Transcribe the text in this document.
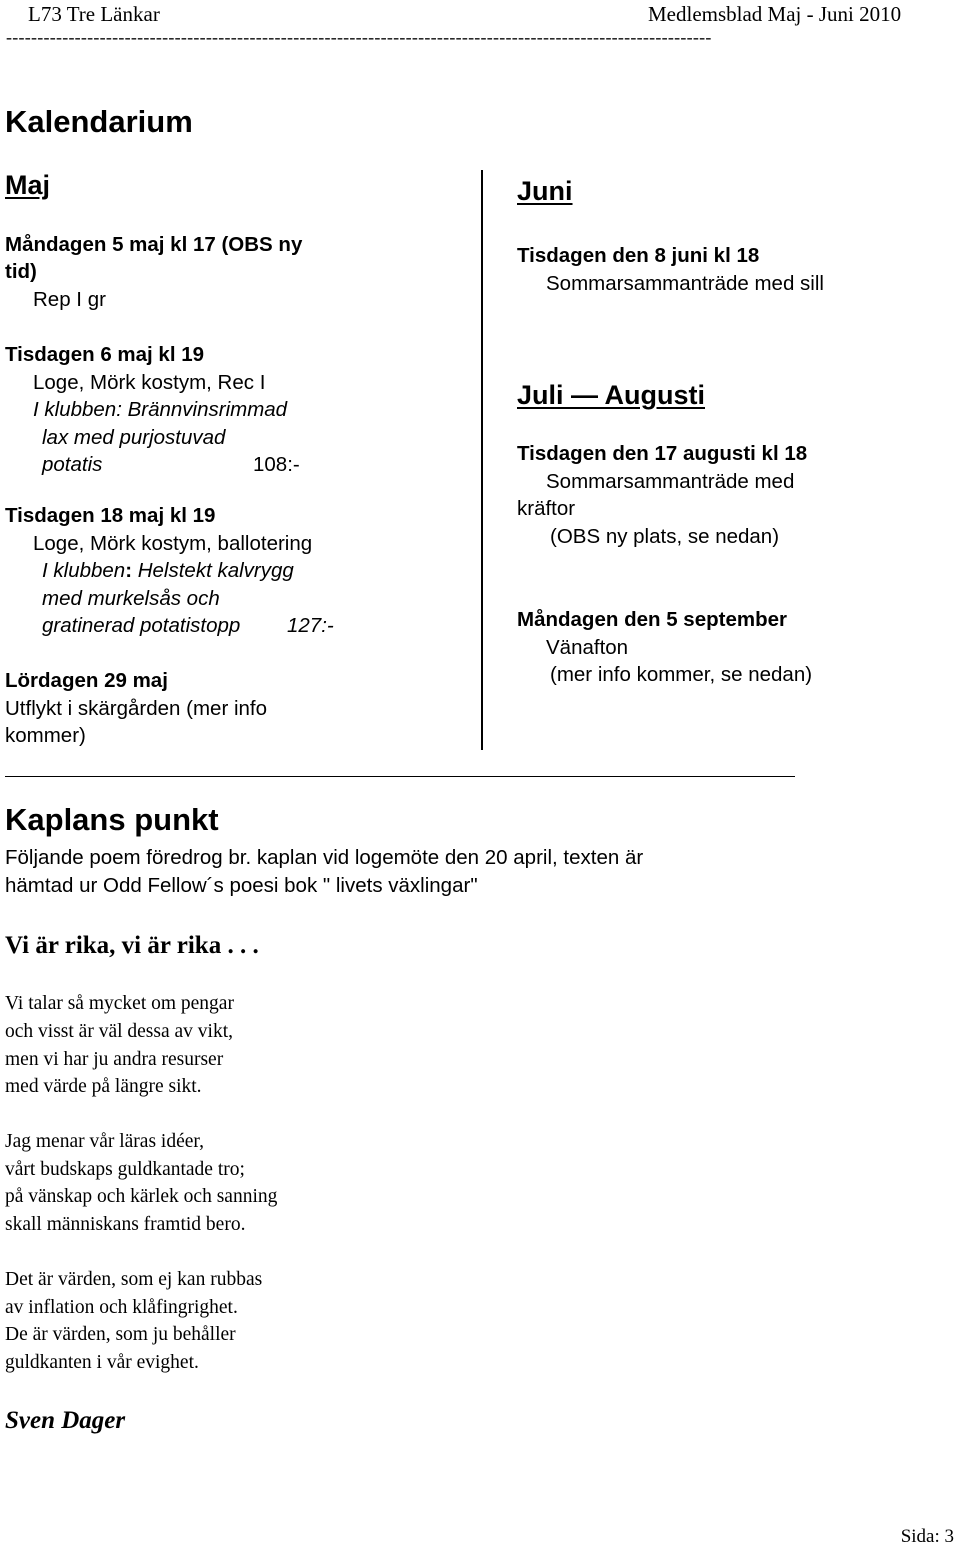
L73 Tre Länkar	Medlemsblad Maj - Juni 2010
-----------------------------------------------------------------------------------------------------------------
Kalendarium
Maj
Måndagen 5 maj kl 17 (OBS ny
tid)
Rep I gr
Tisdagen 6 maj kl 19
Loge, Mörk kostym, Rec I
I klubben: Brännvinsrimmad
lax med purjostuvad
potatis	108:-
Tisdagen 18 maj kl 19
Loge, Mörk kostym, ballotering
I klubben: Helstekt kalvrygg
med murkelsås och
gratinerad potatistopp 127:-
Lördagen 29 maj
Utflykt i skärgården (mer info
kommer)
Juni
Tisdagen den 8 juni kl 18
Sommarsammanträde med sill
Juli — Augusti
Tisdagen den 17 augusti kl 18
Sommarsammanträde med
kräftor
(OBS ny plats, se nedan)
Måndagen den 5 september
Vänafton
(mer info kommer, se nedan)
Kaplans punkt
Följande poem föredrog br. kaplan vid logemöte den 20 april, texten är
hämtad ur Odd Fellow´s poesi bok " livets växlingar"
Vi är rika, vi är rika . . .
Vi talar så mycket om pengar
och visst är väl dessa av vikt,
men vi har ju andra resurser
med värde på längre sikt.
Jag menar vår läras idéer,
vårt budskaps guldkantade tro;
på vänskap och kärlek och sanning
skall människans framtid bero.
Det är värden, som ej kan rubbas
av inflation och klåfingrighet.
De är värden, som ju behåller
guldkanten i vår evighet.
Sven Dager
Sida: 3
